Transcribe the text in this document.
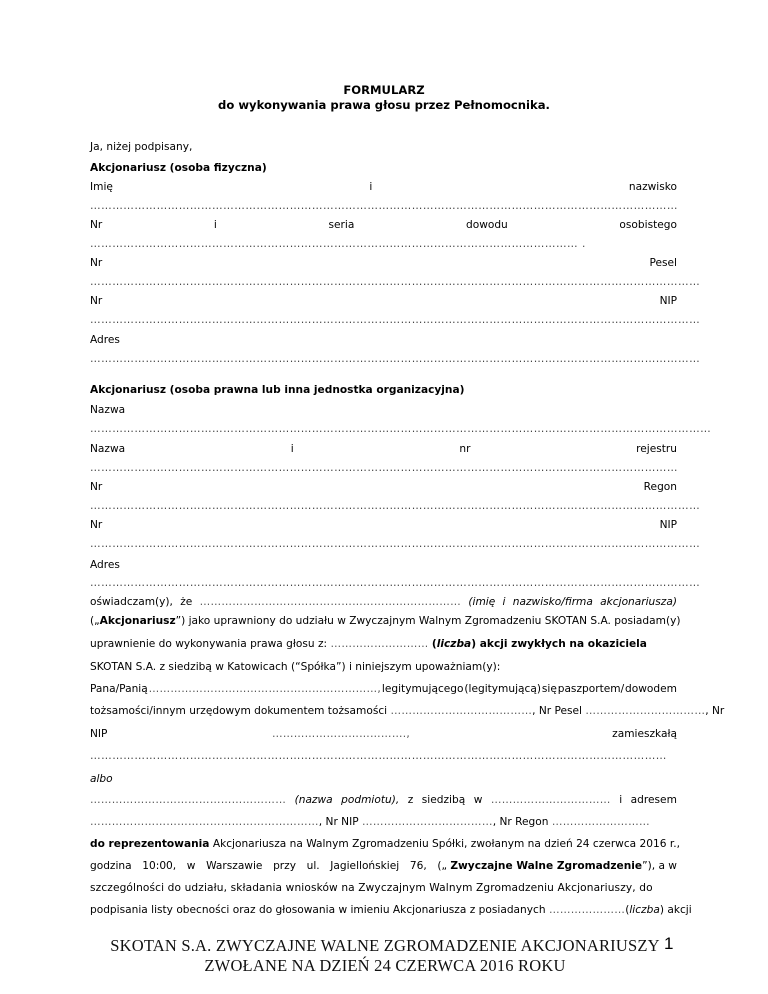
FORMULARZ
do wykonywania prawa głosu przez Pełnomocnika.
Ja, niżej podpisany,
Akcjonariusz (osoba fizyczna)
Imię	i	nazwisko
……………………………………………………………………………………………………………………………………………
Nr	i	seria	dowodu	osobistego
…………………………………………………………………………………………………………………… .
Nr	Pesel
…………………………………………………………………………………………………………………………………………………
Nr	NIP
…………………………………………………………………………………………………………………………………………………
Adres
…………………………………………………………………………………………………………………………………………………
Akcjonariusz (osoba prawna lub inna jednostka organizacyjna)
Nazwa
……………………………………………………………………………………………………………………………………………………
Nazwa	i	nr	rejestru
……………………………………………………………………………………………………………………………………………
Nr	Regon
…………………………………………………………………………………………………………………………………………………
Nr	NIP
…………………………………………………………………………………………………………………………………………………
Adres
…………………………………………………………………………………………………………………………………………………
oświadczam(y), że ……………………………………………………………… (imię i nazwisko/firma akcjonariusza)
(„Akcjonariusz”) jako uprawniony do udziału w Zwyczajnym Walnym Zgromadzeniu SKOTAN S.A. posiadam(y)
uprawnienie do wykonywania prawa głosu z: ……………………… (liczba) akcji zwykłych na okaziciela
SKOTAN S.A. z siedzibą w Katowicach (“Spółka”) i niniejszym upoważniam(y):
Pana/Panią ………………………………………………………, legitymującego (legitymującą) się paszportem/ dowodem
tożsamości/innym urzędowym dokumentem tożsamości …………………………………, Nr Pesel ……………………………, Nr
NIP	……………………………….,	zamieszkałą
…………………………………………………………………………………………………………………………………………
albo
……………………………………………… (nazwa podmiotu), z siedzibą w …………………………… i adresem
………………………………………………………, Nr NIP ………………………………, Nr Regon ………………………
do reprezentowania Akcjonariusza na Walnym Zgromadzeniu Spółki, zwołanym na dzień 24 czerwca 2016 r.,
godzina 10:00, w Warszawie przy ul. Jagiellońskiej 76, („ Zwyczajne Walne Zgromadzenie”), a w
szczególności do udziału, składania wniosków na Zwyczajnym Walnym Zgromadzeniu Akcjonariuszy, do
podpisania listy obecności oraz do głosowania w imieniu Akcjonariusza z posiadanych …………………(liczba) akcji
SKOTAN S.A. ZWYCZAJNE WALNE ZGROMADZENIE AKCJONARIUSZY
ZWOŁANE NA DZIEŃ 24 CZERWCA 2016 ROKU
1
